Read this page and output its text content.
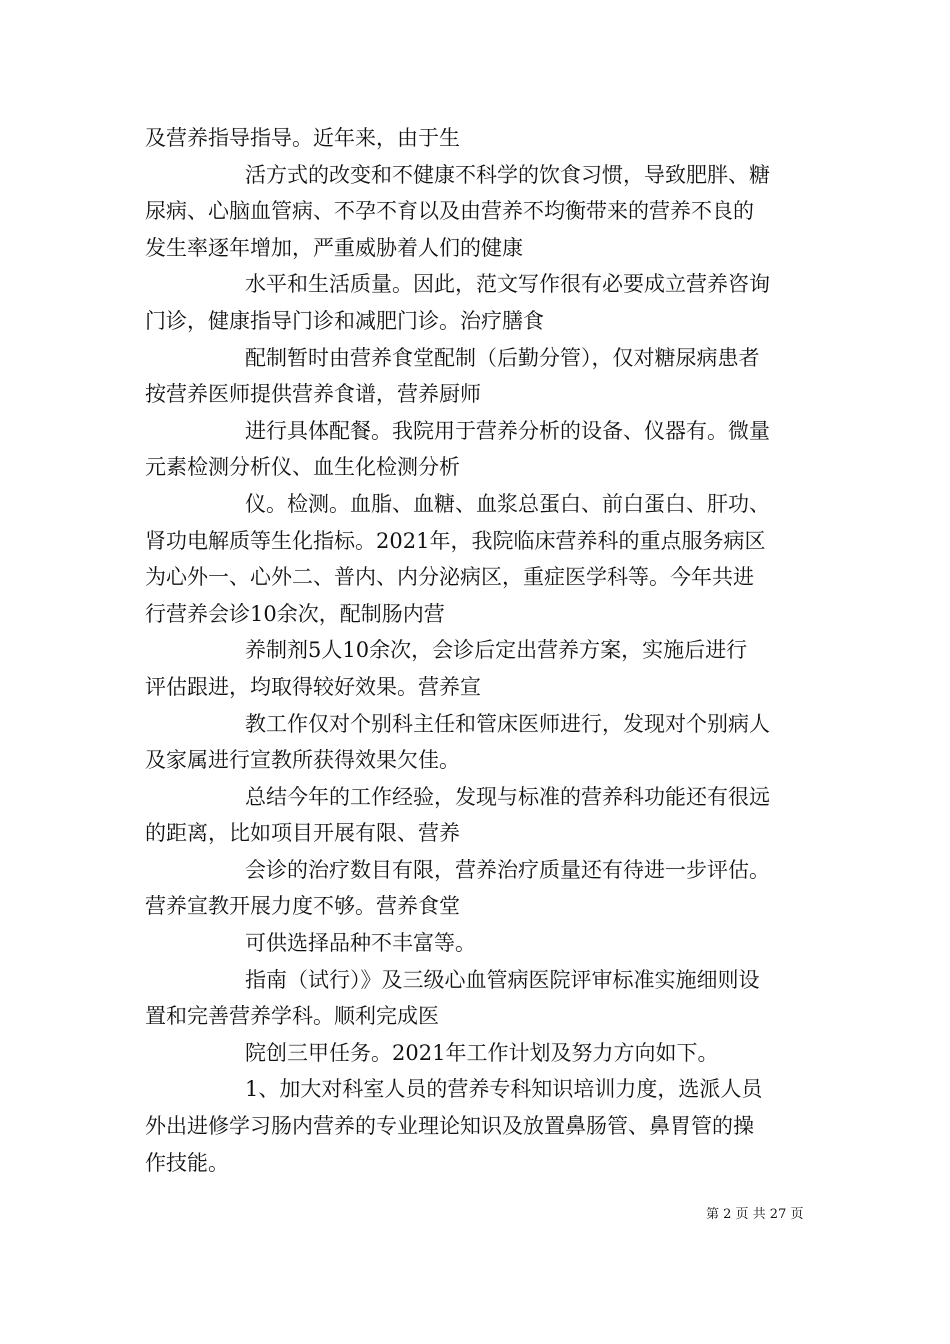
及营养指导指导。近年来，由于生
活方式的改变和不健康不科学的饮食习惯，导致肥胖、糖
尿病、心脑血管病、不孕不育以及由营养不均衡带来的营养不良的
发生率逐年增加，严重威胁着人们的健康
水平和生活质量。因此，范文写作很有必要成立营养咨询
门诊，健康指导门诊和减肥门诊。治疗膳食
配制暂时由营养食堂配制（后勤分管），仅对糖尿病患者
按营养医师提供营养食谱，营养厨师
进行具体配餐。我院用于营养分析的设备、仪器有。微量
元素检测分析仪、血生化检测分析
仪。检测。血脂、血糖、血浆总蛋白、前白蛋白、肝功、
肾功电解质等生化指标。2021年，我院临床营养科的重点服务病区
为心外一、心外二、普内、内分泌病区，重症医学科等。今年共进
行营养会诊10余次，配制肠内营
养制剂5人10余次，会诊后定出营养方案，实施后进行
评估跟进，均取得较好效果。营养宣
教工作仅对个别科主任和管床医师进行，发现对个别病人
及家属进行宣教所获得效果欠佳。
总结今年的工作经验，发现与标准的营养科功能还有很远
的距离，比如项目开展有限、营养
会诊的治疗数目有限，营养治疗质量还有待进一步评估。
营养宣教开展力度不够。营养食堂
可供选择品种不丰富等。
指南（试行）》及三级心血管病医院评审标准实施细则设
置和完善营养学科。顺利完成医
院创三甲任务。2021年工作计划及努力方向如下。
1、加大对科室人员的营养专科知识培训力度，选派人员
外出进修学习肠内营养的专业理论知识及放置鼻肠管、鼻胃管的操
作技能。
第 2 页 共 27 页
